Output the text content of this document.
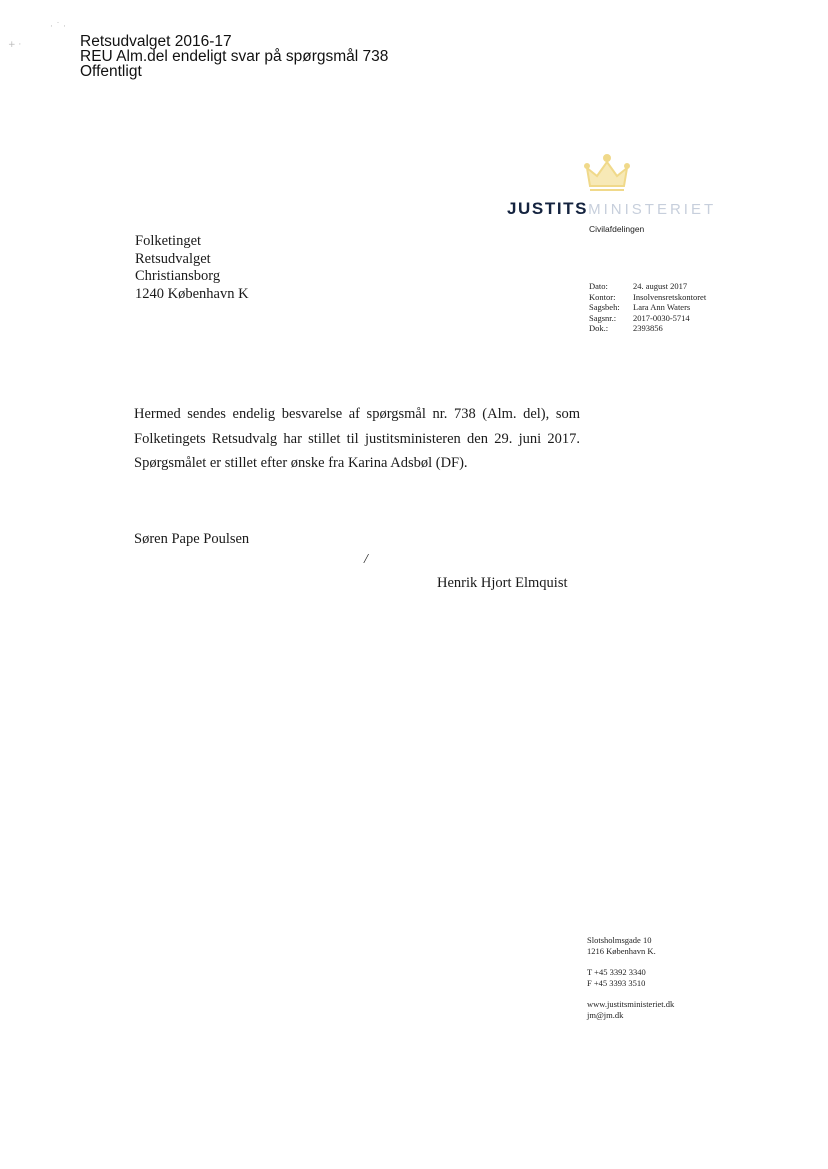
· ˙ ·
+ ·	Retsudvalget 2016-17
REU Alm.del endeligt svar på spørgsmål 738
Offentligt
JUSTITSMINISTERIET
Civilafdelingen
Folketinget
Retsudvalget
Christiansborg
1240 København K	Dato:	24. august 2017
Kontor:	Insolvensretskontoret
Sagsbeh:	Lara Ann Waters
Sagsnr.:	2017-0030-5714
Dok.:	2393856

Hermed sendes endelig besvarelse af spørgsmål nr. 738 (Alm. del), som

Folketingets Retsudvalg har stillet til justitsministeren den 29. juni 2017.

Spørgsmålet er stillet efter ønske fra Karina Adsbøl (DF).

Søren Pape Poulsen
/
Henrik Hjort Elmquist
Slotsholmsgade 10
1216 København K.
T +45 3392 3340
F +45 3393 3510
www.justitsministeriet.dk
jm@jm.dk
